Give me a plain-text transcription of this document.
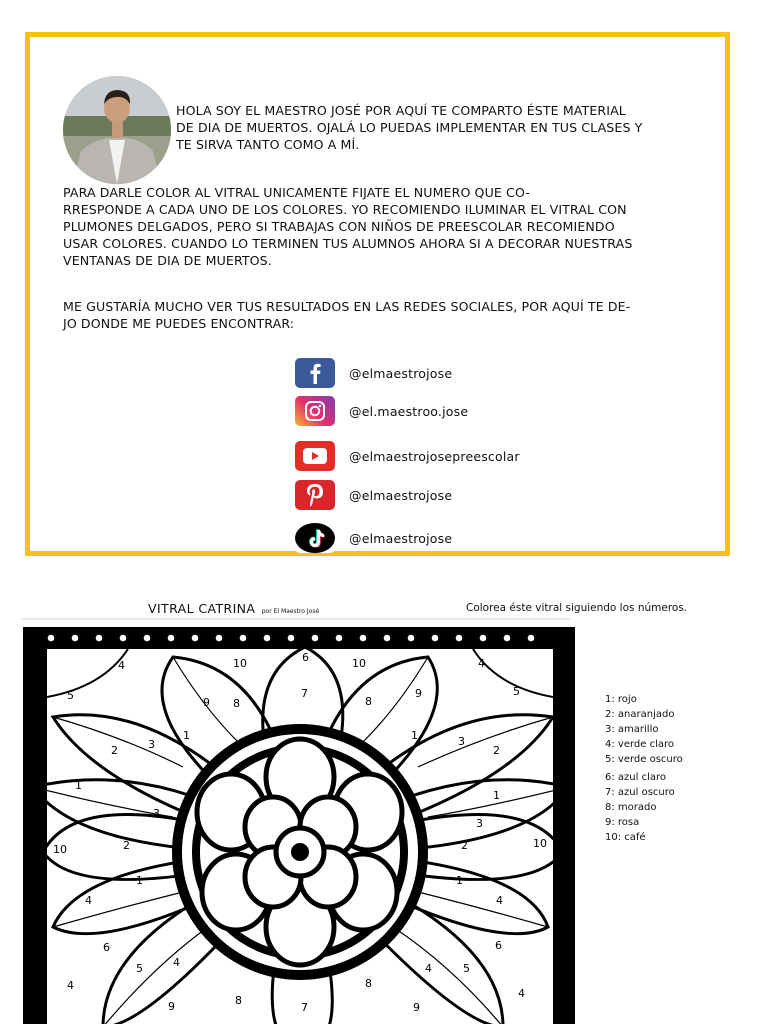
HOLA SOY EL MAESTRO JOSÉ POR AQUÍ TE COMPARTO ÉSTE MATERIAL
DE DIA DE MUERTOS. OJALÁ LO PUEDAS IMPLEMENTAR EN TUS CLASES Y
TE SIRVA TANTO COMO A MÍ.

PARA DARLE COLOR AL VITRAL UNICAMENTE FIJATE EL NUMERO QUE CO-
RRESPONDE A CADA UNO DE LOS COLORES. YO RECOMIENDO ILUMINAR EL VITRAL CON
PLUMONES DELGADOS, PERO SI TRABAJAS CON NIÑOS DE PREESCOLAR RECOMIENDO
USAR COLORES. CUANDO LO TERMINEN TUS ALUMNOS AHORA SI A DECORAR NUESTRAS
VENTANAS DE DIA DE MUERTOS.

ME GUSTARÍA MUCHO VER TUS RESULTADOS EN LAS REDES SOCIALES, POR AQUÍ TE DE-
JO DONDE ME PUEDES ENCONTRAR:

@elmaestrojose
@el.maestroo.jose
@elmaestrojosepreescolar
@elmaestrojose
@elmaestrojose
VITRAL CATRINA por El Maestro José	Colorea éste vitral siguiendo los números.
4
5
10	6	10	4
5
9 8
7
8
9
1
3
2
1	3
2
1
1
3
3
2	2
10	10
1	1
4	4
6	6
4	4
5	5
4
4
9	8
7
8
9
1: rojo
2: anaranjado
3: amarillo
4: verde claro
5: verde oscuro
6: azul claro
7: azul oscuro
8: morado
9: rosa
10: café
